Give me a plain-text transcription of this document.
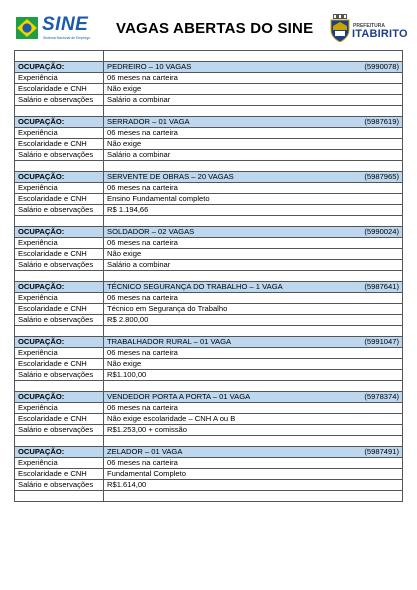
SINE
Sistema Nacional de Emprego
VAGAS ABERTAS DO SINE	PREFEITURA
ITABIRITO

OCUPAÇÃO:	PEDREIRO – 10 VAGAS (5990078)

Experiência	06 meses na carteira
Escolaridade e CNH	Não exige
Salário e observações	Salário a combinar

OCUPAÇÃO:	SERRADOR – 01 VAGA (5987619)

Experiência	06 meses na carteira
Escolaridade e CNH	Não exige
Salário e observações	Salário a combinar

OCUPAÇÃO:	SERVENTE DE OBRAS – 20 VAGAS (5987965)

Experiência	06 meses na carteira
Escolaridade e CNH	Ensino Fundamental completo
Salário e observações	R$ 1.194,66

OCUPAÇÃO:	SOLDADOR – 02 VAGAS (5990024)

Experiência	06 meses na carteira
Escolaridade e CNH	Não exige
Salário e observações	Salário a combinar

OCUPAÇÃO:	TÉCNICO SEGURANÇA DO TRABALHO – 1 VAGA (5987641)

Experiência	06 meses na carteira
Escolaridade e CNH	Técnico em Segurança do Trabalho
Salário e observações	R$ 2.800,00

OCUPAÇÃO:	TRABALHADOR RURAL – 01 VAGA (5991047)

Experiência	06 meses na carteira
Escolaridade e CNH	Não exige
Salário e observações	R$1.100,00

OCUPAÇÃO:	VENDEDOR PORTA A PORTA – 01 VAGA (5978374)

Experiência	06 meses na carteira
Escolaridade e CNH	Não exige escolaridade – CNH A ou B
Salário e observações	R$1.253,00 + comissão

OCUPAÇÃO:	ZELADOR – 01 VAGA (5987491)

Experiência	06 meses na carteira
Escolaridade e CNH	Fundamental Completo
Salário e observações	R$1.614,00
